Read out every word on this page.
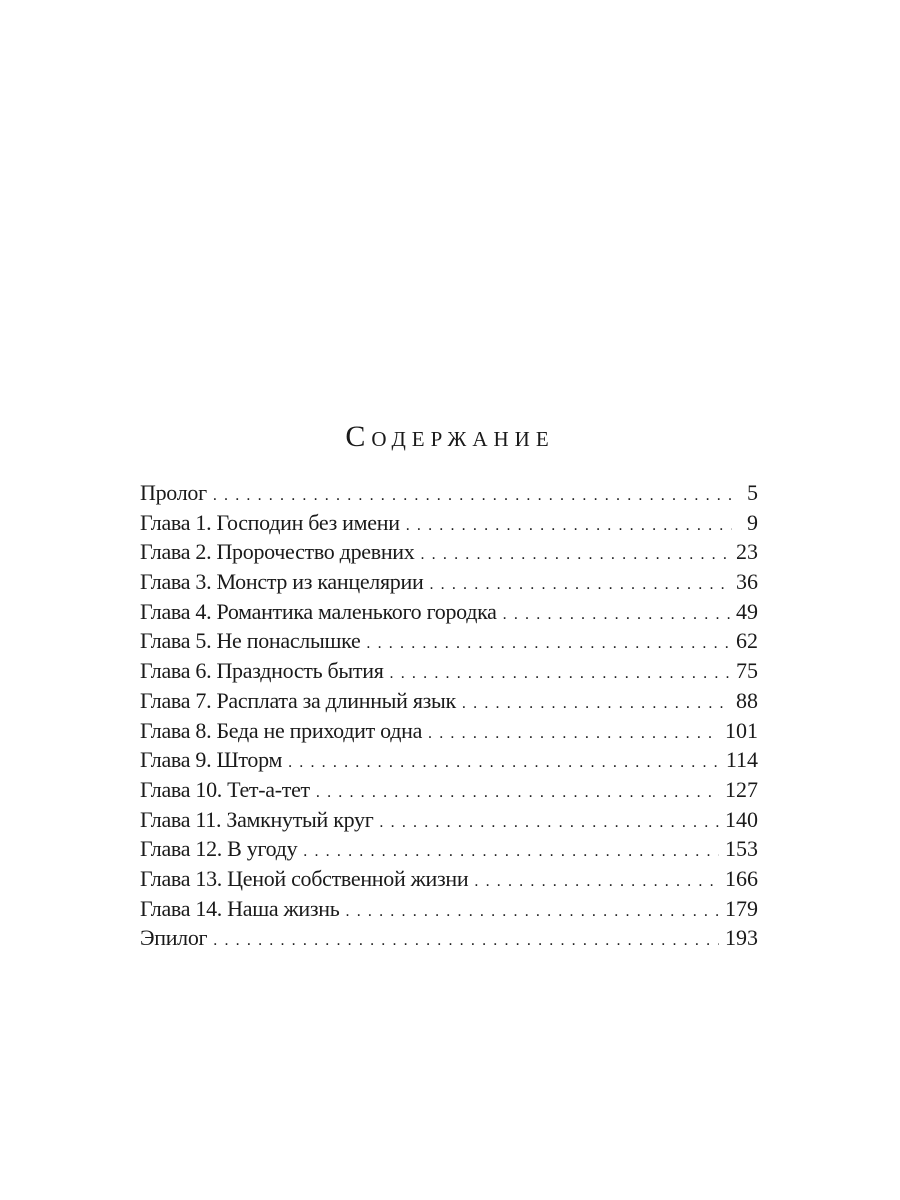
Содержание
Пролог . . .	5
Глава 1. Господин без имени . . .	9
Глава 2. Пророчество древних . . .	23
Глава 3. Монстр из канцелярии . . .	36
Глава 4. Романтика маленького городка . . .	49
Глава 5. Не понаслышке . . .	62
Глава 6. Праздность бытия . . .	75
Глава 7. Расплата за длинный язык . . .	88
Глава 8. Беда не приходит одна . . .	101
Глава 9. Шторм . . .	114
Глава 10. Тет-а-тет . . .	127
Глава 11. Замкнутый круг . . .	140
Глава 12. В угоду . . .	153
Глава 13. Ценой собственной жизни . . .	166
Глава 14. Наша жизнь . . .	179
Эпилог . . .	193
